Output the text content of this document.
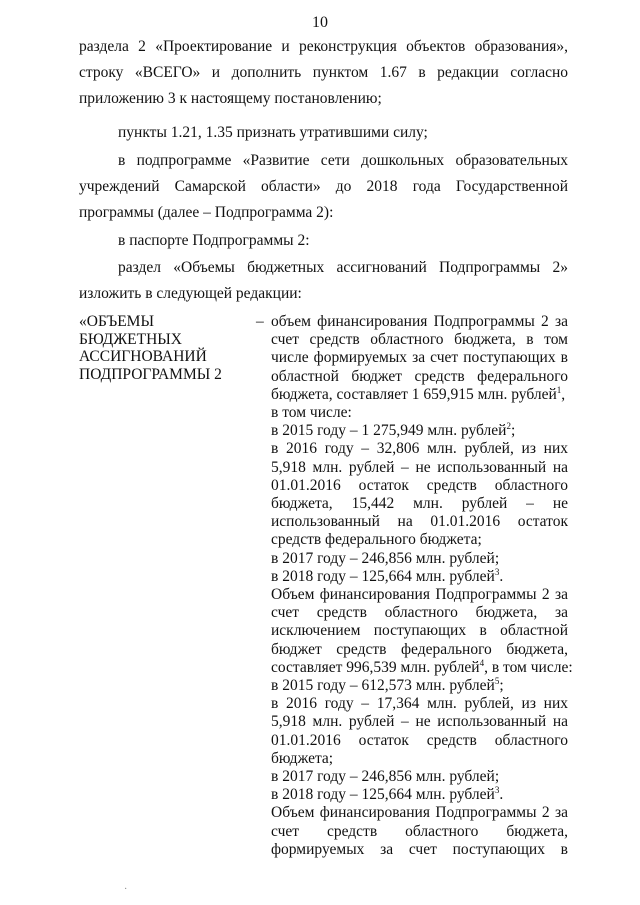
10
раздела 2 «Проектирование и реконструкция объектов образования»,
строку «ВСЕГО» и дополнить пунктом 1.67 в редакции согласно
приложению 3 к настоящему постановлению;
пункты 1.21, 1.35 признать утратившими силу;
в подпрограмме «Развитие сети дошкольных образовательных
учреждений Самарской области» до 2018 года Государственной
программы (далее – Подпрограмма 2):
в паспорте Подпрограммы 2:
раздел «Объемы бюджетных ассигнований Подпрограммы 2»
изложить в следующей редакции:
«ОБЪЕМЫ
БЮДЖЕТНЫХ
АССИГНОВАНИЙ
ПОДПРОГРАММЫ 2
– объем финансирования Подпрограммы 2 за
счет средств областного бюджета, в том
числе формируемых за счет поступающих в
областной бюджет средств федерального
бюджета, составляет 1 659,915 млн. рублей$^1$,
в том числе:
в 2015 году – 1 275,949 млн. рублей$^2$;
в 2016 году – 32,806 млн. рублей, из них
5,918 млн. рублей – не использованный на
01.01.2016 остаток средств областного
бюджета, 15,442 млн. рублей – не
использованный на 01.01.2016 остаток
средств федерального бюджета;
в 2017 году – 246,856 млн. рублей;
в 2018 году – 125,664 млн. рублей$^3$.
Объем финансирования Подпрограммы 2 за
счет средств областного бюджета, за
исключением поступающих в областной
бюджет средств федерального бюджета,
составляет 996,539 млн. рублей$^4$, в том числе:
в 2015 году – 612,573 млн. рублей$^5$;
в 2016 году – 17,364 млн. рублей, из них
5,918 млн. рублей – не использованный на
01.01.2016 остаток средств областного
бюджета;
в 2017 году – 246,856 млн. рублей;
в 2018 году – 125,664 млн. рублей$^3$.
Объем финансирования Подпрограммы 2 за
счет средств областного бюджета,
формируемых за счет поступающих в
·
